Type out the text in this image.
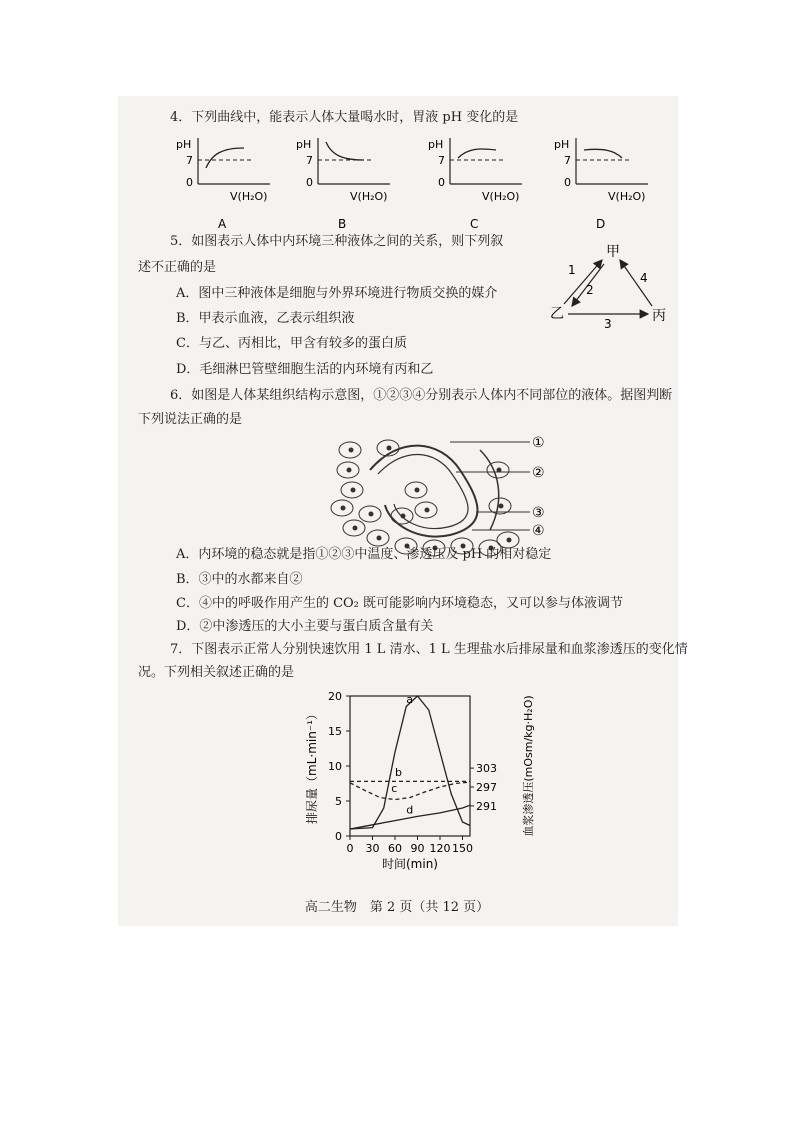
4．下列曲线中，能表示人体大量喝水时，胃液 pH 变化的是
pH
7
0
V(H₂O)
A
pH
7
0
V(H₂O)
B
pH
7
0
V(H₂O)
C
pH
7
0
V(H₂O)
D
5．如图表示人体中内环境三种液体之间的关系，则下列叙
述不正确的是
A．图中三种液体是细胞与外界环境进行物质交换的媒介
B．甲表示血液，乙表示组织液
C．与乙、丙相比，甲含有较多的蛋白质
D．毛细淋巴管壁细胞生活的内环境有丙和乙
甲
乙	丙
1
2
4
3
6．如图是人体某组织结构示意图，①②③④分别表示人体内不同部位的液体。据图判断
下列说法正确的是
①
②
③
④
A．内环境的稳态就是指①②③中温度、渗透压及 pH 的相对稳定
B．③中的水都来自②
C．④中的呼吸作用产生的 CO₂ 既可能影响内环境稳态，又可以参与体液调节
D．②中渗透压的大小主要与蛋白质含量有关
7．下图表示正常人分别快速饮用 1 L 清水、1 L 生理盐水后排尿量和血浆渗透压的变化情
况。下列相关叙述正确的是
0
5
10
15
20
0 30 60 90 120 150
291
297
303
时间(min)
排尿量（mL·min⁻¹）	血浆渗透压(mOsm/kg·H₂O)
a
b
c
d
高二生物　第 2 页（共 12 页）
